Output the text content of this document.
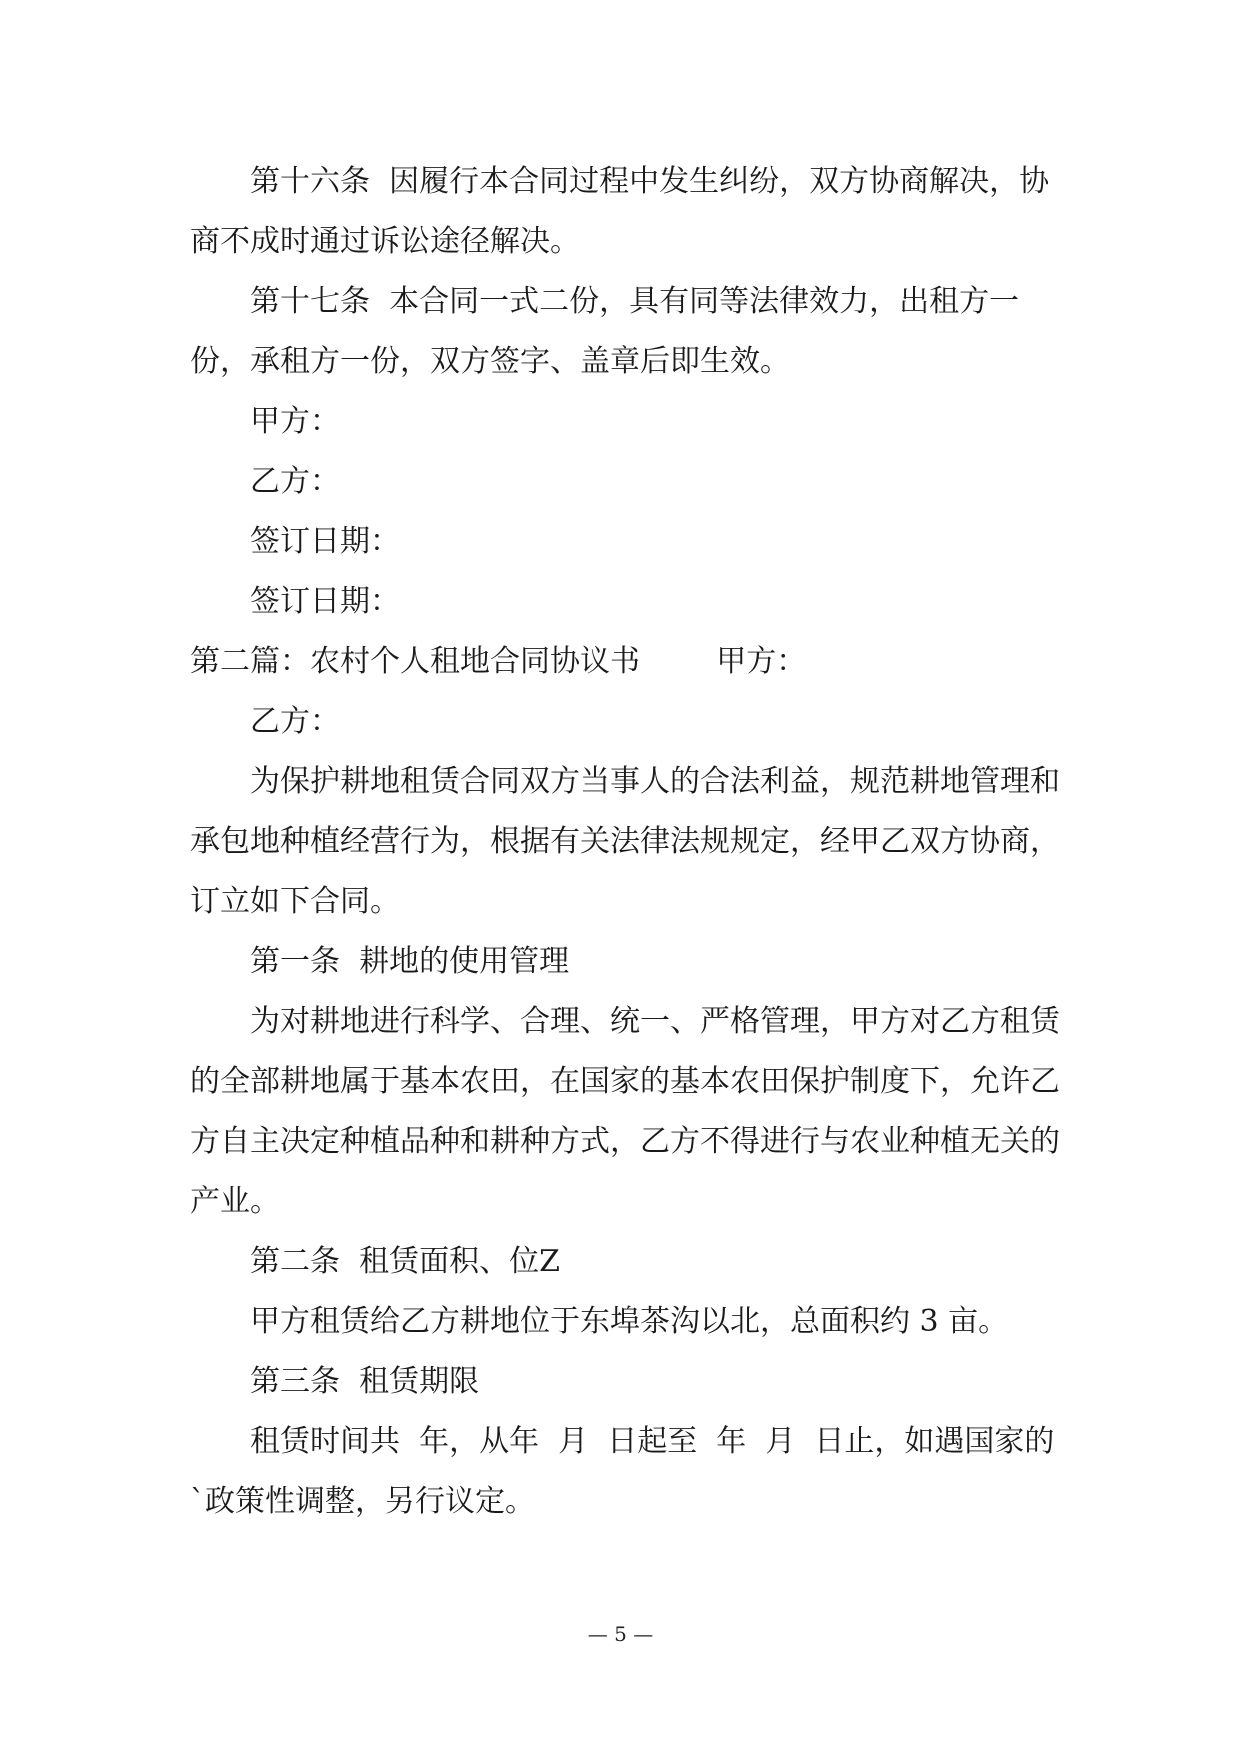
第十六条  因履行本合同过程中发生纠纷，双方协商解决，协商不成时通过诉讼途径解决。

第十七条  本合同一式二份，具有同等法律效力，出租方一份，承租方一份，双方签字、盖章后即生效。

甲方：

乙方：

签订日期：

签订日期：

第二篇：农村个人租地合同协议书        甲方：

乙方：

为保护耕地租赁合同双方当事人的合法利益，规范耕地管理和承包地种植经营行为，根据有关法律法规规定，经甲乙双方协商，订立如下合同。

第一条  耕地的使用管理

为对耕地进行科学、合理、统一、严格管理，甲方对乙方租赁的全部耕地属于基本农田，在国家的基本农田保护制度下，允许乙方自主决定种植品种和耕种方式，乙方不得进行与农业种植无关的产业。

第二条  租赁面积、位Z

甲方租赁给乙方耕地位于东埠茶沟以北，总面积约 3 亩。

第三条  租赁期限

租赁时间共  年，从年  月  日起至  年  月  日止，如遇国家的`政策性调整，另行议定。

— 5 —
